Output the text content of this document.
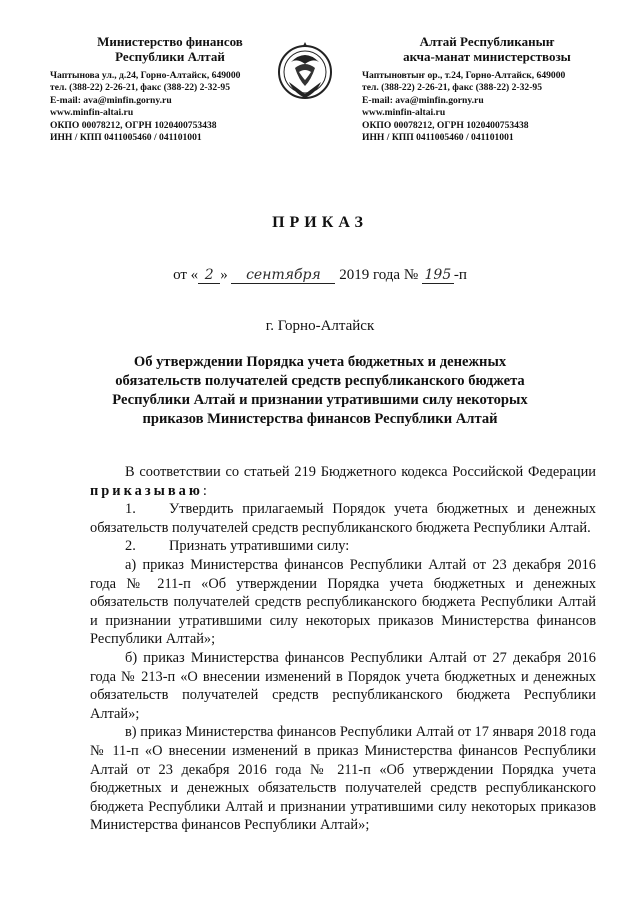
Министерство финансов
Республики Алтай
Чаптынова ул., д.24, Горно-Алтайск, 649000
тел. (388-22) 2-26-21, факс (388-22) 2-32-95
E-mail: ava@minfin.gorny.ru
www.minfin-altai.ru
ОКПО 00078212, ОГРН 1020400753438
ИНН / КПП 0411005460 / 041101001
Алтай Республиканыҥ
акча-манат министерствозы
Чаптыновтыҥ ор., т.24, Горно-Алтайск, 649000
тел. (388-22) 2-26-21, факс (388-22) 2-32-95
E-mail: ava@minfin.gorny.ru
www.minfin-altai.ru
ОКПО 00078212, ОГРН 1020400753438
ИНН / КПП 0411005460 / 041101001
ПРИКАЗ
от « 2 » сентября 2019 года № 195 -п
г. Горно-Алтайск
Об утверждении Порядка учета бюджетных и денежных обязательств получателей средств республиканского бюджета Республики Алтай и признании утратившими силу некоторых приказов Министерства финансов Республики Алтай

В соответствии со статьей 219 Бюджетного кодекса Российской Федерации приказываю:

1. Утвердить прилагаемый Порядок учета бюджетных и денежных обязательств получателей средств республиканского бюджета Республики Алтай.

2. Признать утратившими силу:

а) приказ Министерства финансов Республики Алтай от 23 декабря 2016 года № 211-п «Об утверждении Порядка учета бюджетных и денежных обязательств получателей средств республиканского бюджета Республики Алтай и признании утратившими силу некоторых приказов Министерства финансов Республики Алтай»;

б) приказ Министерства финансов Республики Алтай от 27 декабря 2016 года № 213-п «О внесении изменений в Порядок учета бюджетных и денежных обязательств получателей средств республиканского бюджета Республики Алтай»;

в) приказ Министерства финансов Республики Алтай от 17 января 2018 года № 11-п «О внесении изменений в приказ Министерства финансов Республики Алтай от 23 декабря 2016 года № 211-п «Об утверждении Порядка учета бюджетных и денежных обязательств получателей средств республиканского бюджета Республики Алтай и признании утратившими силу некоторых приказов Министерства финансов Республики Алтай»;
